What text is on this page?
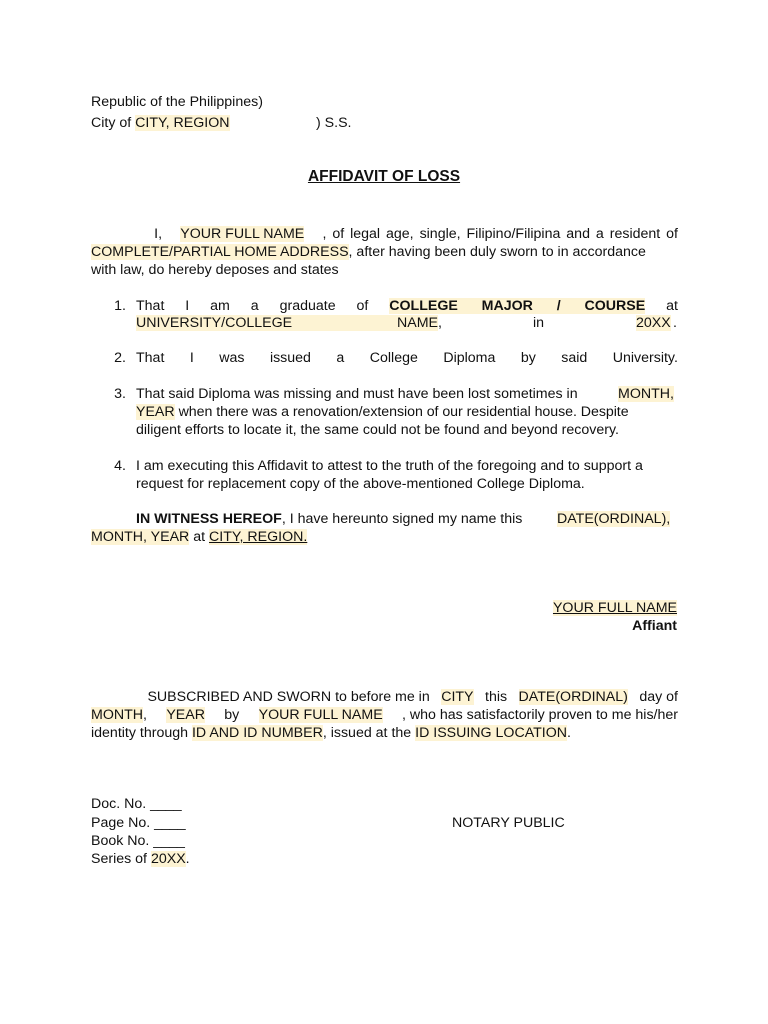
Republic of the Philippines)
City of CITY, REGION	) S.S.
AFFIDAVIT OF LOSS
I, YOUR FULL NAME , of legal age, single, Filipino/Filipina and a resident of
COMPLETE/PARTIAL HOME ADDRESS, after having been duly sworn to in accordance
with law, do hereby deposes and states
1. That I am a graduate of COLLEGE MAJOR / COURSE at
UNIVERSITY/COLLEGE	NAME ,	in	20XX .
2. That I was issued a College Diploma by said University.
3. That said Diploma was missing and must have been lost sometimes in	MONTH,
YEAR when there was a renovation/extension of our residential house. Despite
diligent efforts to locate it, the same could not be found and beyond recovery.
4. I am executing this Affidavit to attest to the truth of the foregoing and to support a
request for replacement copy of the above-mentioned College Diploma.
IN WITNESS HEREOF, I have hereunto signed my name this DATE(ORDINAL),
MONTH, YEAR at CITY, REGION.
YOUR FULL NAME
Affiant
SUBSCRIBED AND SWORN to before me in CITY this DATE(ORDINAL) day of
MONTH, YEAR by YOUR FULL NAME , who has satisfactorily proven to me his/her
identity through ID AND ID NUMBER, issued at the ID ISSUING LOCATION.
Doc. No. ____
Page No. ____
Book No. ____
Series of 20XX.
NOTARY PUBLIC
